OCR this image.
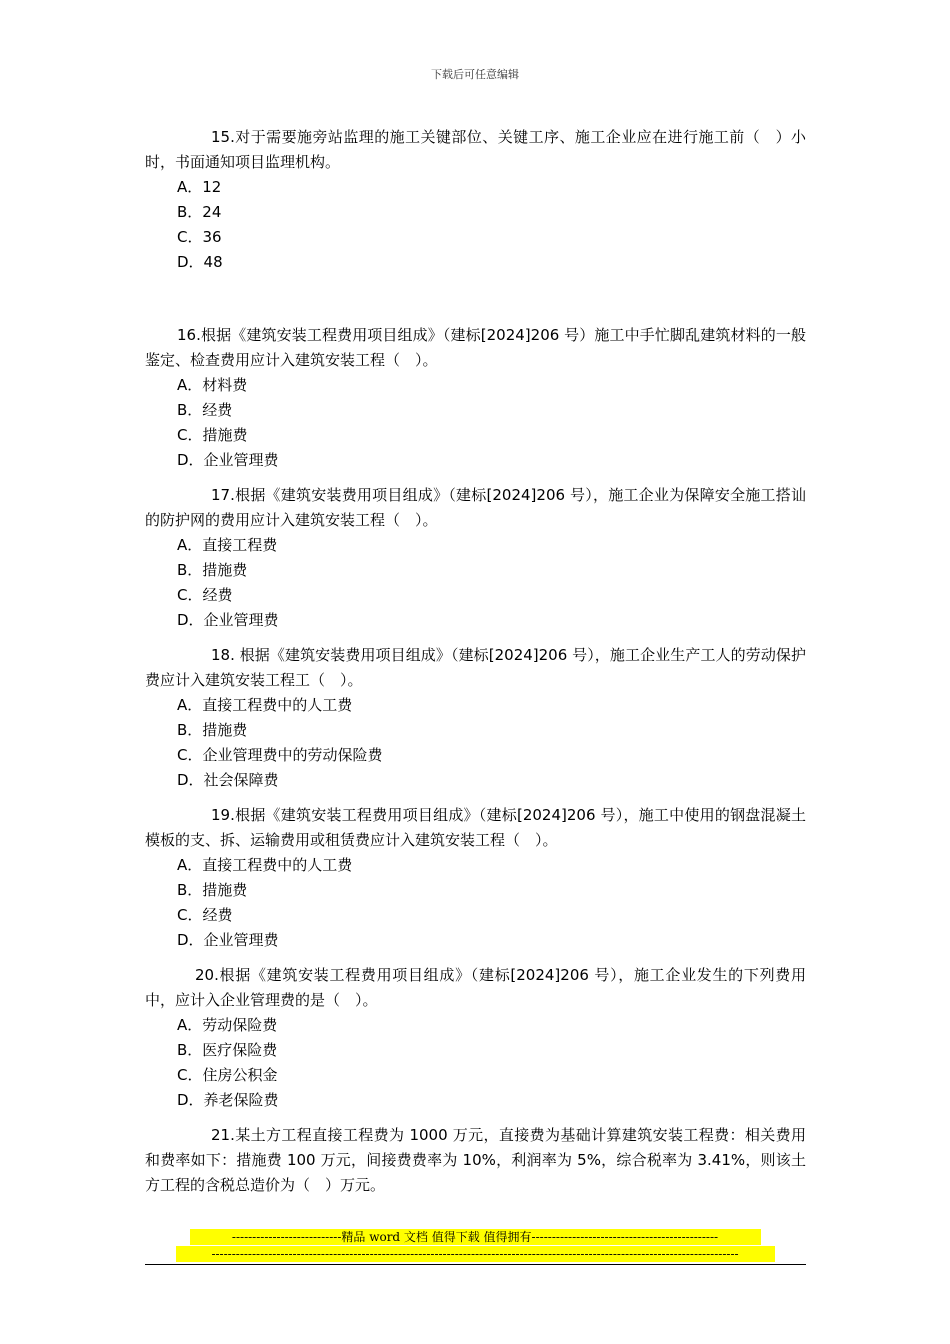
下载后可任意编辑

15.对于需要施旁站监理的施工关键部位、关键工序、施工企业应在进行施工前（　）小时，书面通知项目监理机构。

A．12
B．24
C．36
D．48

16.根据《建筑安装工程费用项目组成》（建标[2024]206 号）施工中手忙脚乱建筑材料的一般鉴定、检查费用应计入建筑安装工程（　）。

A．材料费
B．经费
C．措施费
D．企业管理费

17.根据《建筑安装费用项目组成》（建标[2024]206 号），施工企业为保障安全施工搭讪的防护网的费用应计入建筑安装工程（　）。

A．直接工程费
B．措施费
C．经费
D．企业管理费

18. 根据《建筑安装费用项目组成》（建标[2024]206 号），施工企业生产工人的劳动保护费应计入建筑安装工程工（　）。

A．直接工程费中的人工费
B．措施费
C．企业管理费中的劳动保险费
D．社会保障费

19.根据《建筑安装工程费用项目组成》（建标[2024]206 号），施工中使用的钢盘混凝土模板的支、拆、运输费用或租赁费应计入建筑安装工程（　）。

A．直接工程费中的人工费
B．措施费
C．经费
D．企业管理费

20.根据《建筑安装工程费用项目组成》（建标[2024]206 号），施工企业发生的下列费用中，应计入企业管理费的是（　）。

A．劳动保险费
B．医疗保险费
C．住房公积金
D．养老保险费

21.某土方工程直接工程费为 1000 万元，直接费为基础计算建筑安装工程费：相关费用和费率如下：措施费 100 万元，间接费费率为 10%，利润率为 5%，综合税率为 3.41%，则该土方工程的含税总造价为（　）万元。

---------------------------精品 word 文档 值得下载 值得拥有----------------------------------------------
----------------------------------------------------------------------------------------------------------------------------------
